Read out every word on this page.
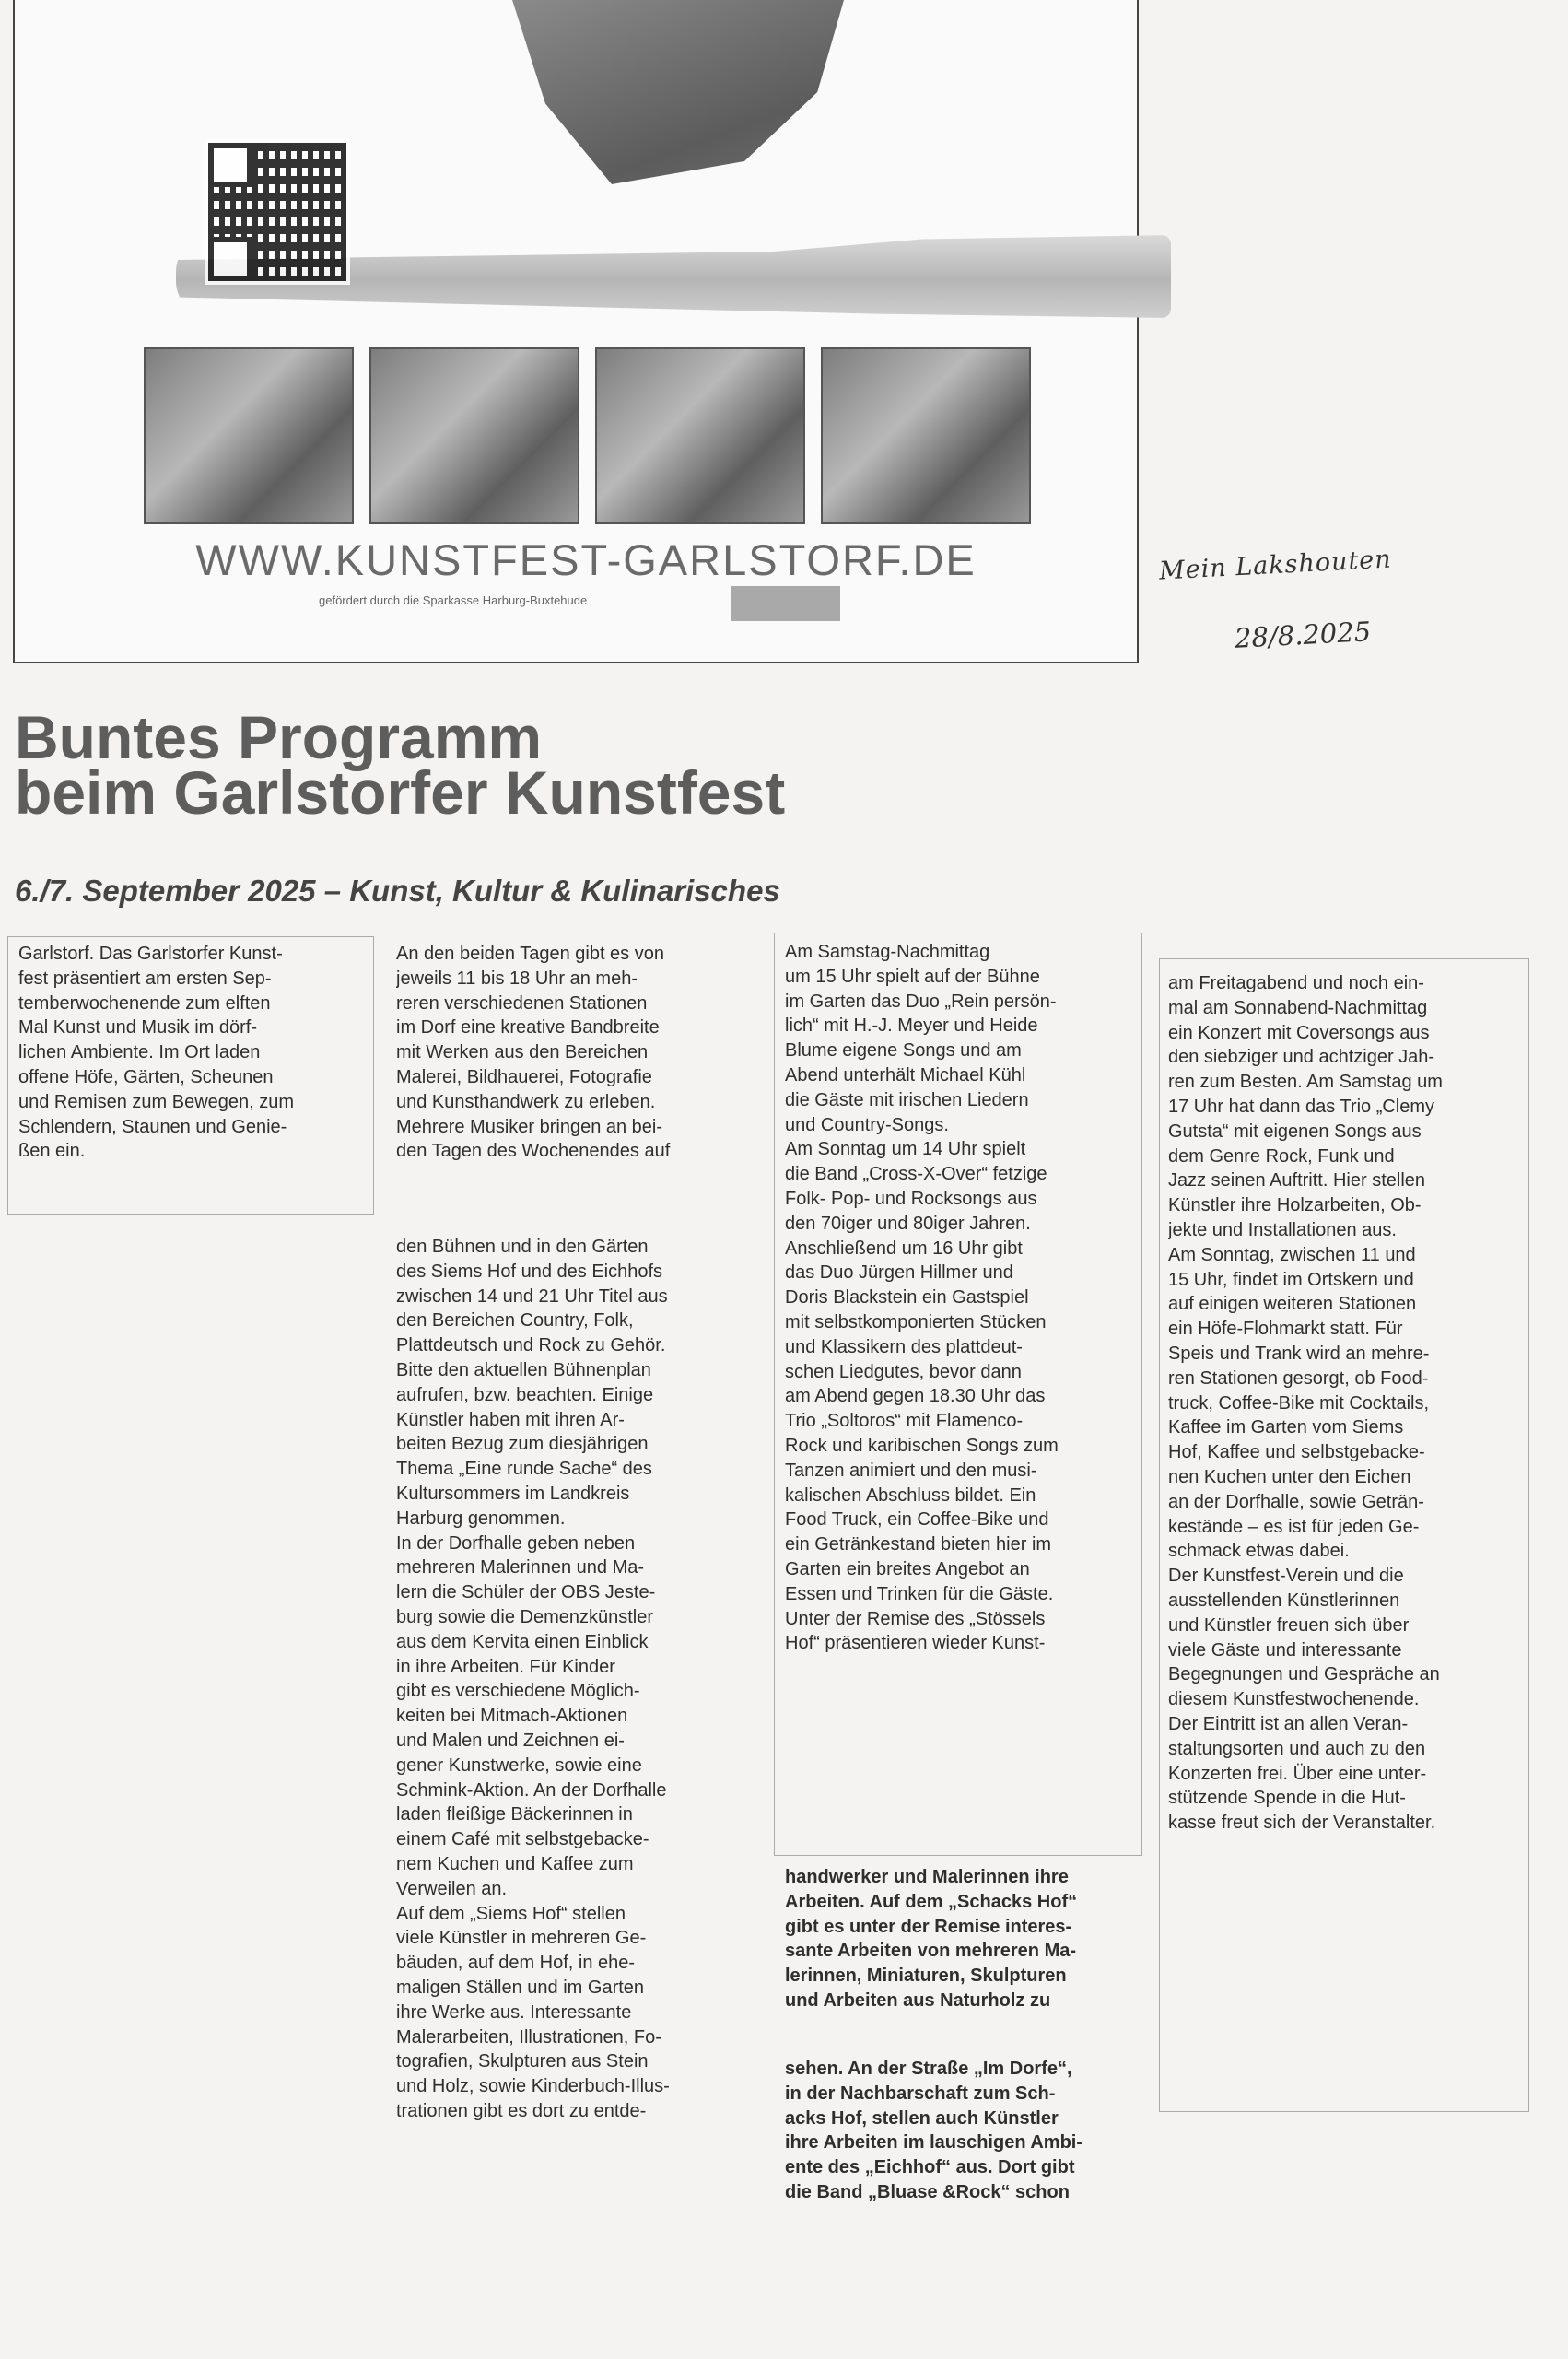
WWW.KUNSTFEST-GARLSTORF.DE
gefördert durch die Sparkasse Harburg-Buxtehude
Mein Lakshouten
28/8.2025
Buntes Programm
beim Garlstorfer Kunstfest
6./7. September 2025 – Kunst, Kultur & Kulinarisches

Garlstorf. Das Garlstorfer Kunst-
fest präsentiert am ersten Sep-
temberwochenende zum elften
Mal Kunst und Musik im dörf-
lichen Ambiente. Im Ort laden
offene Höfe, Gärten, Scheunen
und Remisen zum Bewegen, zum
Schlendern, Staunen und Genie-
ßen ein.

An den beiden Tagen gibt es von
jeweils 11 bis 18 Uhr an meh-
reren verschiedenen Stationen
im Dorf eine kreative Bandbreite
mit Werken aus den Bereichen
Malerei, Bildhauerei, Fotografie
und Kunsthandwerk zu erleben.
Mehrere Musiker bringen an bei-
den Tagen des Wochenendes auf

den Bühnen und in den Gärten
des Siems Hof und des Eichhofs
zwischen 14 und 21 Uhr Titel aus
den Bereichen Country, Folk,
Plattdeutsch und Rock zu Gehör.
Bitte den aktuellen Bühnenplan
aufrufen, bzw. beachten. Einige
Künstler haben mit ihren Ar-
beiten Bezug zum diesjährigen
Thema „Eine runde Sache“ des
Kultursommers im Landkreis
Harburg genommen.
In der Dorfhalle geben neben
mehreren Malerinnen und Ma-
lern die Schüler der OBS Jeste-
burg sowie die Demenzkünstler
aus dem Kervita einen Einblick
in ihre Arbeiten. Für Kinder
gibt es verschiedene Möglich-
keiten bei Mitmach-Aktionen
und Malen und Zeichnen ei-
gener Kunstwerke, sowie eine
Schmink-Aktion. An der Dorfhalle
laden fleißige Bäckerinnen in
einem Café mit selbstgebacke-
nem Kuchen und Kaffee zum
Verweilen an.
Auf dem „Siems Hof“ stellen
viele Künstler in mehreren Ge-
bäuden, auf dem Hof, in ehe-
maligen Ställen und im Garten
ihre Werke aus. Interessante
Malerarbeiten, Illustrationen, Fo-
tografien, Skulpturen aus Stein
und Holz, sowie Kinderbuch-Illus-
trationen gibt es dort zu entde-

Am Samstag-Nachmittag
um 15 Uhr spielt auf der Bühne
im Garten das Duo „Rein persön-
lich“ mit H.-J. Meyer und Heide
Blume eigene Songs und am
Abend unterhält Michael Kühl
die Gäste mit irischen Liedern
und Country-Songs.
Am Sonntag um 14 Uhr spielt
die Band „Cross-X-Over“ fetzige
Folk- Pop- und Rocksongs aus
den 70iger und 80iger Jahren.
Anschließend um 16 Uhr gibt
das Duo Jürgen Hillmer und
Doris Blackstein ein Gastspiel
mit selbstkomponierten Stücken
und Klassikern des plattdeut-
schen Liedgutes, bevor dann
am Abend gegen 18.30 Uhr das
Trio „Soltoros“ mit Flamenco-
Rock und karibischen Songs zum
Tanzen animiert und den musi-
kalischen Abschluss bildet. Ein
Food Truck, ein Coffee-Bike und
ein Getränkestand bieten hier im
Garten ein breites Angebot an
Essen und Trinken für die Gäste.
Unter der Remise des „Stössels
Hof“ präsentieren wieder Kunst-

handwerker und Malerinnen ihre
Arbeiten. Auf dem „Schacks Hof“
gibt es unter der Remise interes-
sante Arbeiten von mehreren Ma-
lerinnen, Miniaturen, Skulpturen
und Arbeiten aus Naturholz zu

sehen. An der Straße „Im Dorfe“,
in der Nachbarschaft zum Sch-
acks Hof, stellen auch Künstler
ihre Arbeiten im lauschigen Ambi-
ente des „Eichhof“ aus. Dort gibt
die Band „Bluase &Rock“ schon

am Freitagabend und noch ein-
mal am Sonnabend-Nachmittag
ein Konzert mit Coversongs aus
den siebziger und achtziger Jah-
ren zum Besten. Am Samstag um
17 Uhr hat dann das Trio „Clemy
Gutsta“ mit eigenen Songs aus
dem Genre Rock, Funk und
Jazz seinen Auftritt. Hier stellen
Künstler ihre Holzarbeiten, Ob-
jekte und Installationen aus.
Am Sonntag, zwischen 11 und
15 Uhr, findet im Ortskern und
auf einigen weiteren Stationen
ein Höfe-Flohmarkt statt. Für
Speis und Trank wird an mehre-
ren Stationen gesorgt, ob Food-
truck, Coffee-Bike mit Cocktails,
Kaffee im Garten vom Siems
Hof, Kaffee und selbstgebacke-
nen Kuchen unter den Eichen
an der Dorfhalle, sowie Geträn-
kestände – es ist für jeden Ge-
schmack etwas dabei.
Der Kunstfest-Verein und die
ausstellenden Künstlerinnen
und Künstler freuen sich über
viele Gäste und interessante
Begegnungen und Gespräche an
diesem Kunstfestwochenende.
Der Eintritt ist an allen Veran-
staltungsorten und auch zu den
Konzerten frei. Über eine unter-
stützende Spende in die Hut-
kasse freut sich der Veranstalter.
